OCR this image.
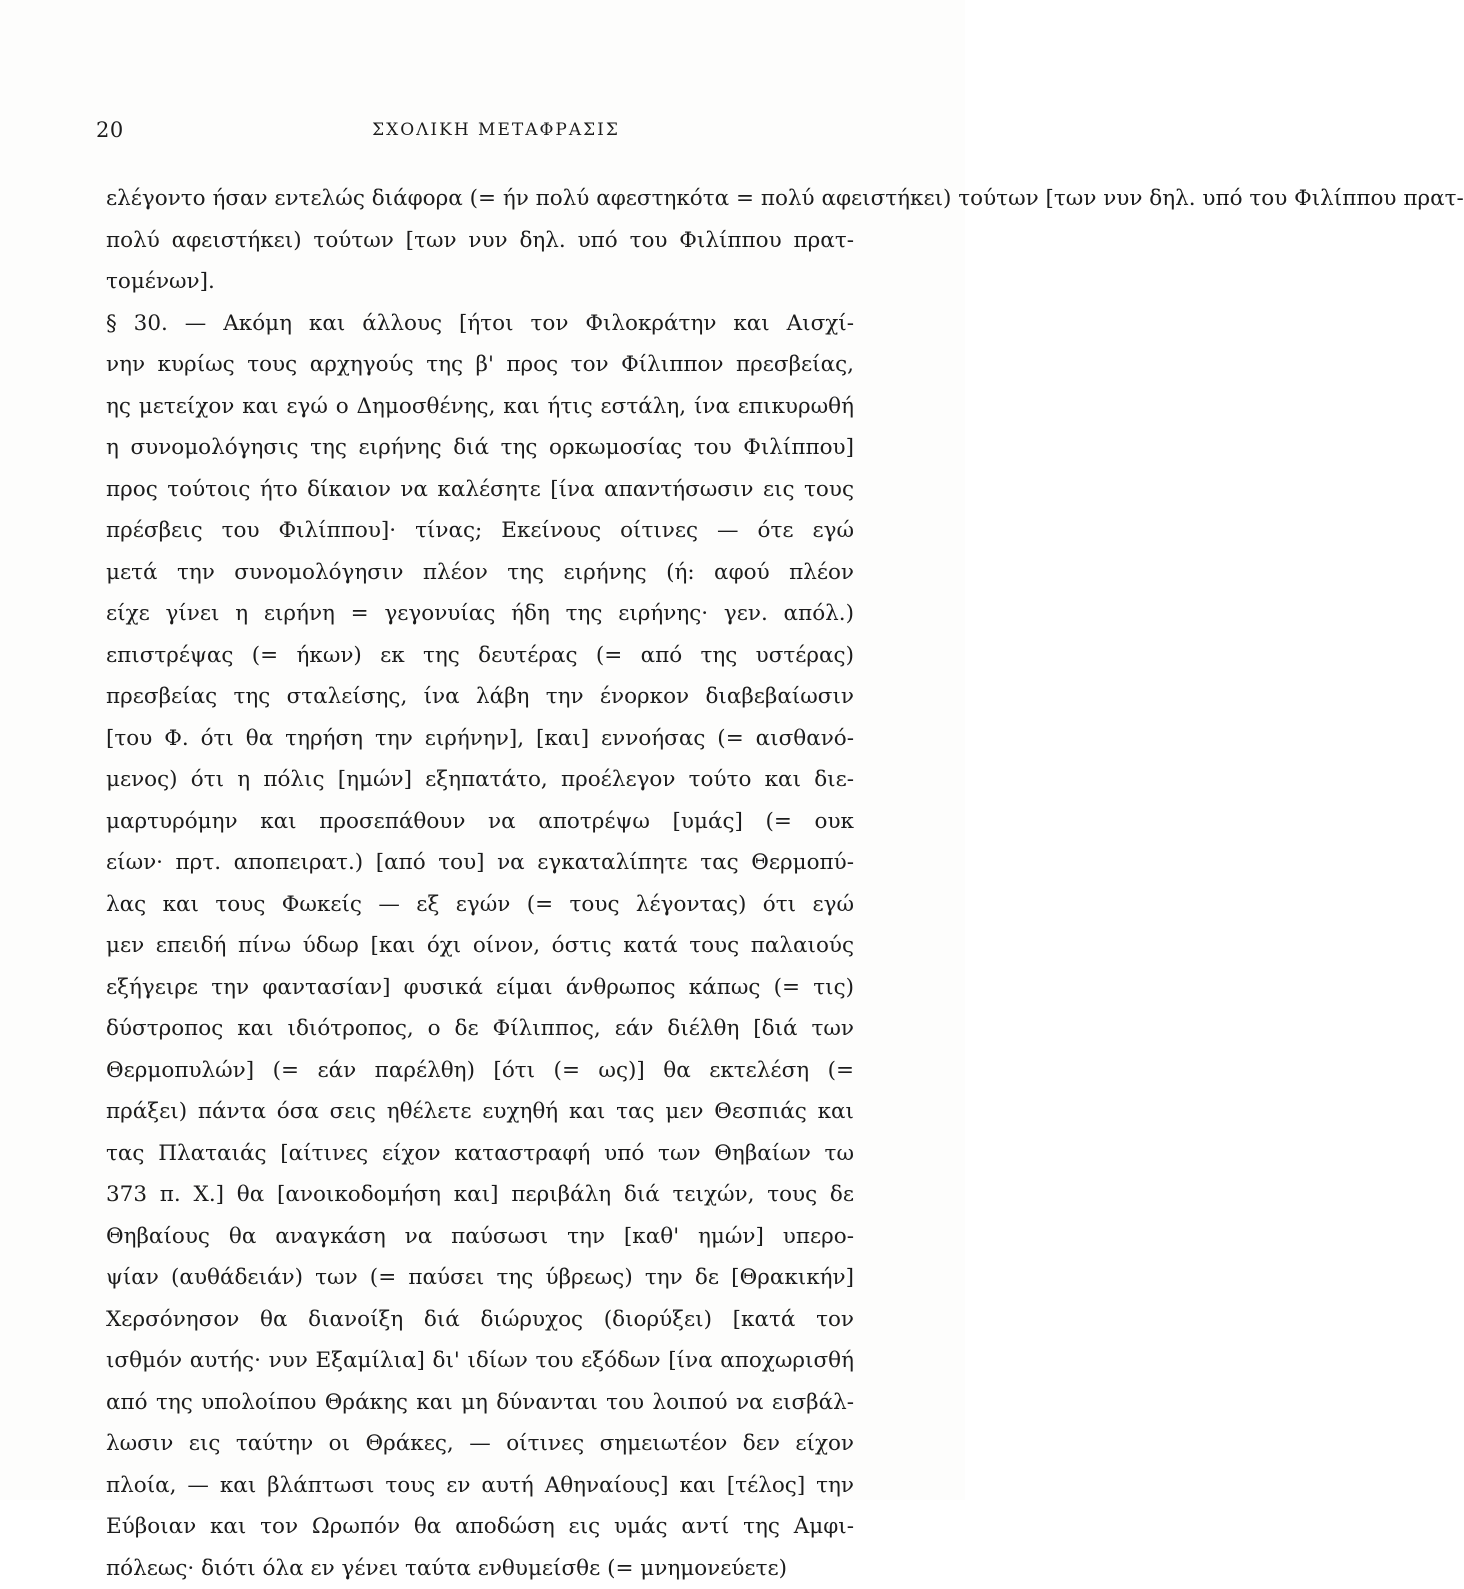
20	ΣΧΟΛΙΚΗ ΜΕΤΑΦΡΑΣΙΣ
ελέγοντο ήσαν εντελώς διάφορα (= ήν πολύ αφεστηκότα = πολύ αφειστήκει) τούτων [των νυν δηλ. υπό του Φιλίππου πρατ-
πολύ αφειστήκει) τούτων [των νυν δηλ. υπό του Φιλίππου πρατ-
τομένων].
§ 30. — Ακόμη και άλλους [ήτοι τον Φιλοκράτην και Αισχί-
νην κυρίως τους αρχηγούς της β' προς τον Φίλιππον πρεσβείας,
ης μετείχον και εγώ ο Δημοσθένης, και ήτις εστάλη, ίνα επικυρωθή
η συνομολόγησις της ειρήνης διά της ορκωμοσίας του Φιλίππου]
προς τούτοις ήτο δίκαιον να καλέσητε [ίνα απαντήσωσιν εις τους
πρέσβεις του Φιλίππου]· τίνας; Εκείνους οίτινες — ότε εγώ
μετά την συνομολόγησιν πλέον της ειρήνης (ή: αφού πλέον
είχε γίνει η ειρήνη = γεγονυίας ήδη της ειρήνης· γεν. απόλ.)
επιστρέψας (= ήκων) εκ της δευτέρας (= από της υστέρας)
πρεσβείας της σταλείσης, ίνα λάβη την ένορκον διαβεβαίωσιν
[του Φ. ότι θα τηρήση την ειρήνην], [και] εννοήσας (= αισθανό-
μενος) ότι η πόλις [ημών] εξηπατάτο, προέλεγον τούτο και διε-
μαρτυρόμην και προσεπάθουν να αποτρέψω [υμάς] (= ουκ
είων· πρτ. αποπειρατ.) [από του] να εγκαταλίπητε τας Θερμοπύ-
λας και τους Φωκείς — εξ εγών (= τους λέγοντας) ότι εγώ
μεν επειδή πίνω ύδωρ [και όχι οίνον, όστις κατά τους παλαιούς
εξήγειρε την φαντασίαν] φυσικά είμαι άνθρωπος κάπως (= τις)
δύστροπος και ιδιότροπος, ο δε Φίλιππος, εάν διέλθη [διά των
Θερμοπυλών] (= εάν παρέλθη) [ότι (= ως)] θα εκτελέση (=
πράξει) πάντα όσα σεις ηθέλετε ευχηθή και τας μεν Θεσπιάς και
τας Πλαταιάς [αίτινες είχον καταστραφή υπό των Θηβαίων τω
373 π. Χ.] θα [ανοικοδομήση και] περιβάλη διά τειχών, τους δε
Θηβαίους θα αναγκάση να παύσωσι την [καθ' ημών] υπερο-
ψίαν (αυθάδειάν) των (= παύσει της ύβρεως) την δε [Θρακικήν]
Χερσόνησον θα διανοίξη διά διώρυχος (διορύξει) [κατά τον
ισθμόν αυτής· νυν Εξαμίλια] δι' ιδίων του εξόδων [ίνα αποχωρισθή
από της υπολοίπου Θράκης και μη δύνανται του λοιπού να εισβάλ-
λωσιν εις ταύτην οι Θράκες, — οίτινες σημειωτέον δεν είχον
πλοία, — και βλάπτωσι τους εν αυτή Αθηναίους] και [τέλος] την
Εύβοιαν και τον Ωρωπόν θα αποδώση εις υμάς αντί της Αμφι-
πόλεως· διότι όλα εν γένει ταύτα ενθυμείσθε (= μνημονεύετε)
